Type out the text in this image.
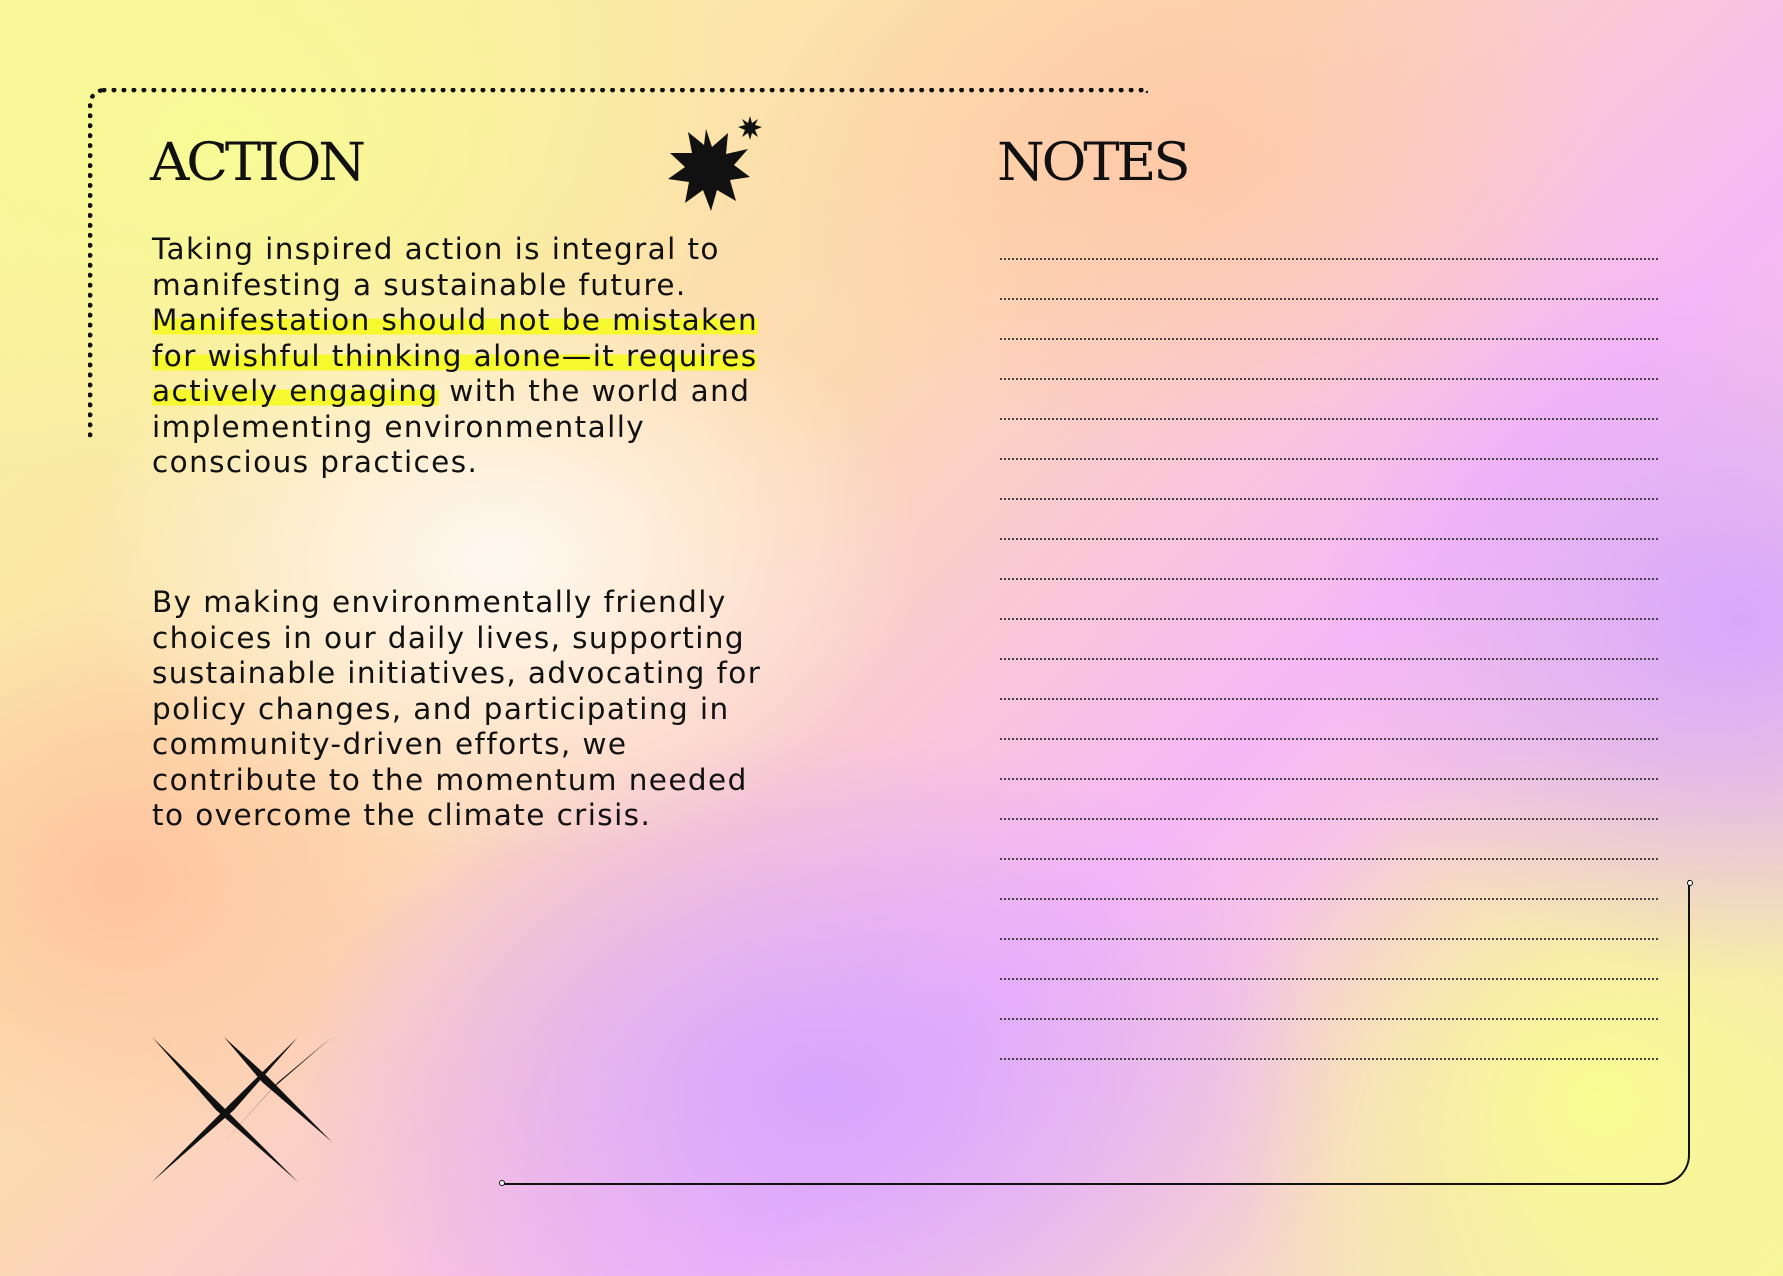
ACTION

Taking inspired action is integral to manifesting a sustainable future. Manifestation should not be mistaken for wishful thinking alone—it requires actively engaging with the world and implementing environmentally conscious practices.

By making environmentally friendly choices in our daily lives, supporting sustainable initiatives, advocating for policy changes, and participating in community-driven efforts, we contribute to the momentum needed to overcome the climate crisis.

NOTES
